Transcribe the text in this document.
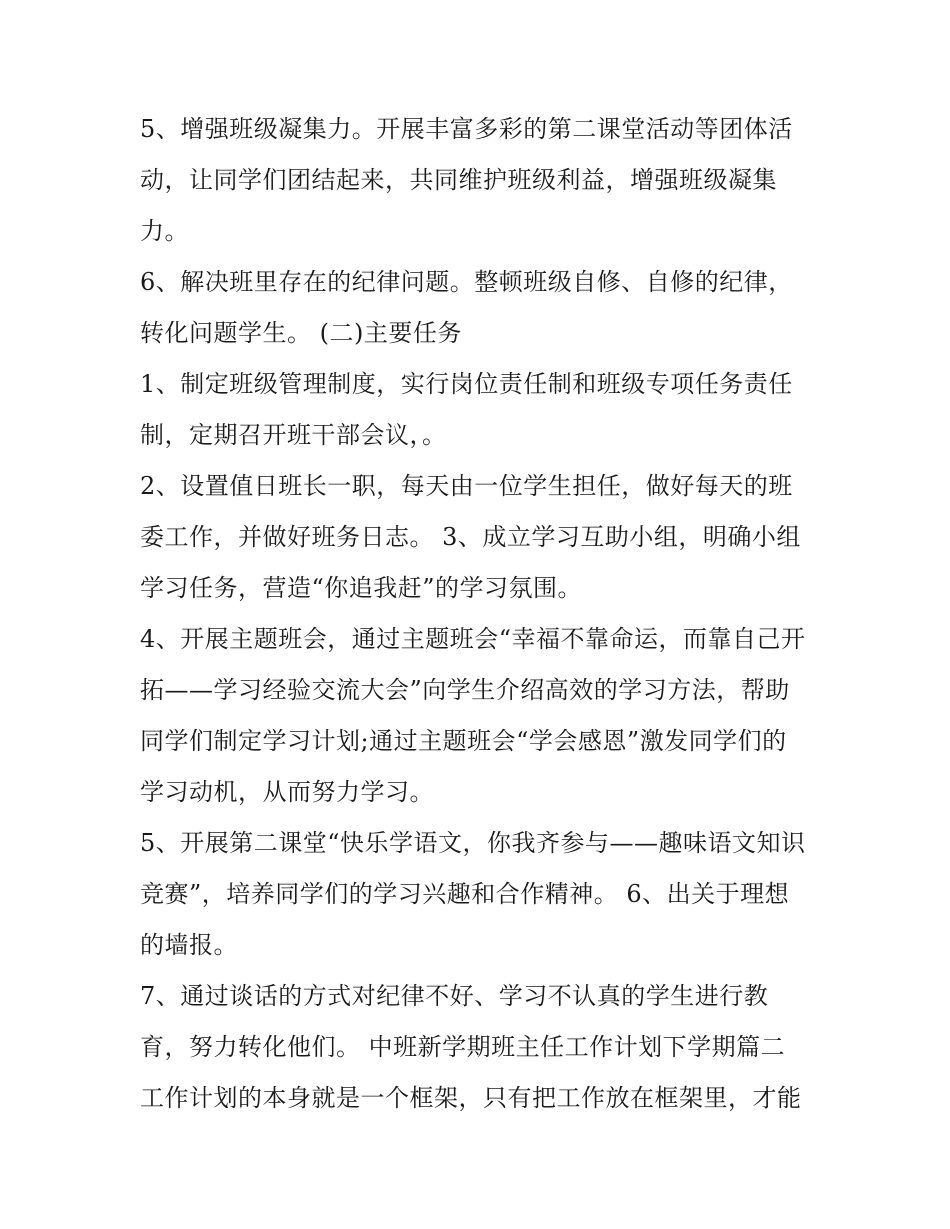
5、增强班级凝集力。开展丰富多彩的第二课堂活动等团体活
动，让同学们团结起来，共同维护班级利益，增强班级凝集
力。
6、解决班里存在的纪律问题。整顿班级自修、自修的纪律，
转化问题学生。 (二)主要任务
1、制定班级管理制度，实行岗位责任制和班级专项任务责任
制，定期召开班干部会议，。
2、设置值日班长一职，每天由一位学生担任，做好每天的班
委工作，并做好班务日志。 3、成立学习互助小组，明确小组
学习任务，营造“你追我赶”的学习氛围。
4、开展主题班会，通过主题班会“幸福不靠命运，而靠自己开
拓——学习经验交流大会”向学生介绍高效的学习方法，帮助
同学们制定学习计划;通过主题班会“学会感恩”激发同学们的
学习动机，从而努力学习。
5、开展第二课堂“快乐学语文，你我齐参与——趣味语文知识
竞赛”，培养同学们的学习兴趣和合作精神。 6、出关于理想
的墙报。
7、通过谈话的方式对纪律不好、学习不认真的学生进行教
育，努力转化他们。 中班新学期班主任工作计划下学期篇二
工作计划的本身就是一个框架，只有把工作放在框架里，才能
